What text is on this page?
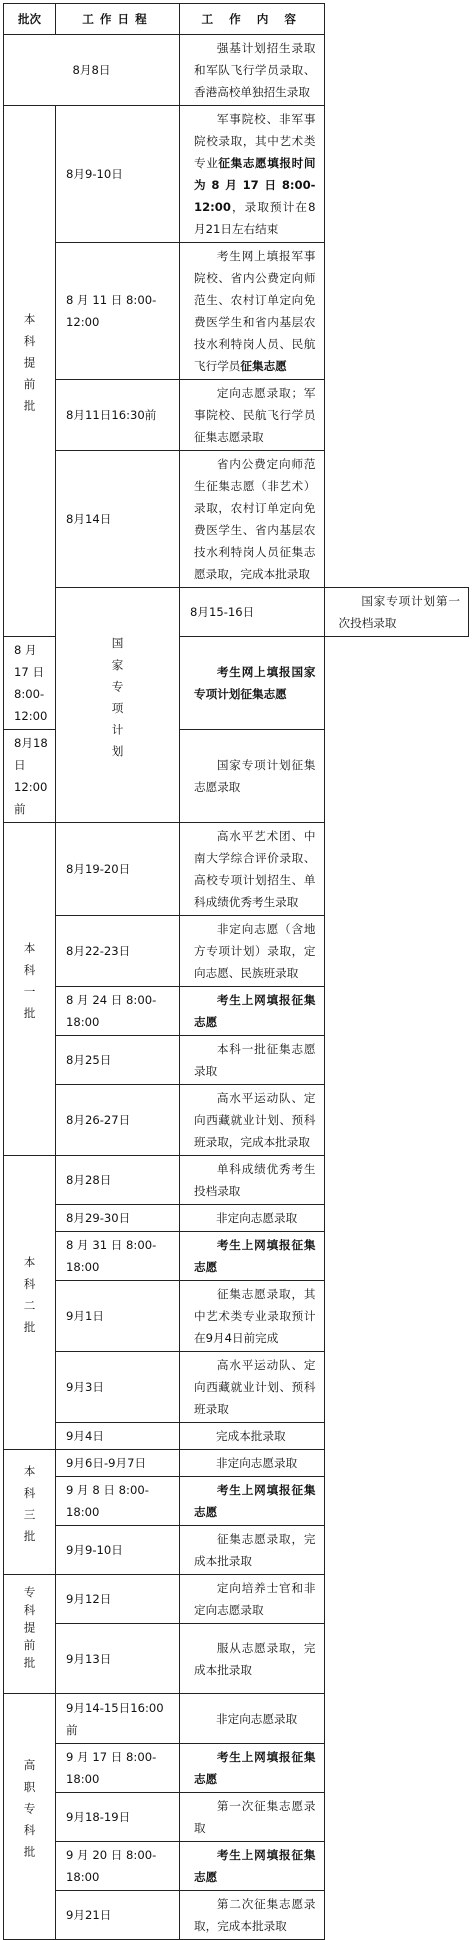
批次	工作日程	工 作 内 容	
8月8日		强基计划招生录取和军队飞行学员录取、香港高校单独招生录取	
本科提前批	8月9-10日	军事院校、非军事院校录取，其中艺术类专业征集志愿填报时间为8月17日8:00-12:00，录取预计在8月21日左右结束	
	8 月 11 日 8:00-12:00	考生网上填报军事院校、省内公费定向师范生、农村订单定向免费医学生和省内基层农技水利特岗人员、民航飞行学员征集志愿	
	8月11日16:30前	定向志愿录取；军事院校、民航飞行学员征集志愿录取	
	8月14日	省内公费定向师范生征集志愿（非艺术）录取，农村订单定向免费医学生、省内基层农技水利特岗人员征集志愿录取，完成本批录取	
	国家专项计划	8月15-16日	国家专项计划第一次投档录取
8 月 17 日 8:00-12:00		考生网上填报国家专项计划征集志愿	
8月18日 12:00前		国家专项计划征集志愿录取	
本科一批	8月19-20日	高水平艺术团、中南大学综合评价录取、高校专项计划招生、单科成绩优秀考生录取	
	8月22-23日	非定向志愿（含地方专项计划）录取，定向志愿、民族班录取	
	8 月 24 日 8:00-18:00	考生上网填报征集志愿	
	8月25日	本科一批征集志愿录取	
	8月26-27日	高水平运动队、定向西藏就业计划、预科班录取，完成本批录取	
本科二批	8月28日	单科成绩优秀考生投档录取	
	8月29-30日	非定向志愿录取	
	8 月 31 日 8:00-18:00	考生上网填报征集志愿	
	9月1日	征集志愿录取，其中艺术类专业录取预计在9月4日前完成	
	9月3日	高水平运动队、定向西藏就业计划、预科班录取	
	9月4日	完成本批录取	
本科三批	9月6日-9月7日	非定向志愿录取	
	9 月 8 日 8:00-18:00	考生上网填报征集志愿	
	9月9-10日	征集志愿录取，完成本批录取	
专科提前批	9月12日	定向培养士官和非定向志愿录取	
	9月13日	服从志愿录取，完成本批录取	
高职专科批	9月14-15日16:00前	非定向志愿录取	
	9 月 17 日 8:00-18:00	考生上网填报征集志愿	
	9月18-19日	第一次征集志愿录取	
	9 月 20 日 8:00-18:00	考生上网填报征集志愿	
	9月21日	第二次征集志愿录取，完成本批录取	
